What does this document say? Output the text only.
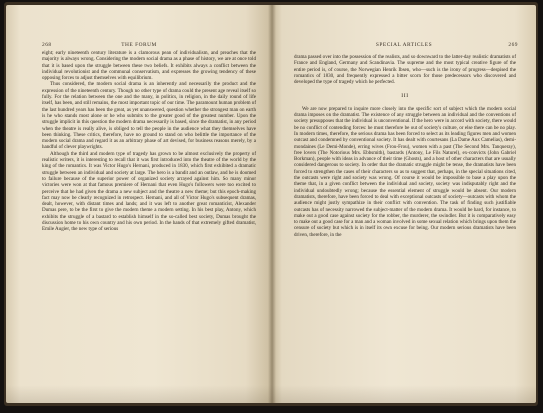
268	THE FORUM

eight; early nineteenth century literature is a clamorous pean of individualism, and preaches that the majority is always wrong. Considering the modern social drama as a phase of history, we are at once told that it is based upon the struggle between these two beliefs. It exhibits always a conflict between the individual revolutionist and the communal conservatism, and expresses the growing tendency of these opposing forces to adjust themselves with equilibrium.

Thus considered, the modern social drama is an inherently and necessarily the product and the expression of the nineteenth century. Though no other type of drama could the present age reveal itself so fully. For the relation between the one and the many, in politics, in religion, in the daily round of life itself, has been, and still remains, the most important topic of our time. The paramount human problem of the last hundred years has been the great, as yet unanswered, question whether the strongest man on earth is he who stands most alone or he who submits to the greater good of the greatest number. Upon the struggle implicit in this question the modern drama necessarily is based, since the dramatist, in any period when the theatre is really alive, is obliged to tell the people in the audience what they themselves have been thinking. These critics, therefore, have no ground to stand on who belittle the importance of the modern social drama and regard it as an arbitrary phase of art devised, for business reasons merely, by a handful of clever playwrights.

Although the third and modern type of tragedy has grown to be almost exclusively the property of realistic writers, it is interesting to recall that it was first introduced into the theatre of the world by the king of the romantics. It was Victor Hugo's Hernani, produced in 1830, which first exhibited a dramatic struggle between an individual and society at large. The hero is a bandit and an outlaw, and he is doomed to failure because of the superior power of organized society arrayed against him. So many minor victories were won at that famous premiere of Hernani that even Hugo's followers were too excited to perceive that he had given the drama a new subject and the theatre a new theme; but this epoch-making fact may now be clearly recognized in retrospect. Hernani, and all of Victor Hugo's subsequent dramas, dealt, however, with distant times and lands; and it was left to another great romanticist, Alexander Dumas pere, to be the first to give the modern theme a modern setting. In his best play, Antony, which exhibits the struggle of a bastard to establish himself in the so-called best society, Dumas brought the discussion home to his own country and his own period. In the hands of that extremely gifted dramatist, Emile Augier, the new type of serious

SPECIAL ARTICLES	269

drama passed over into the possession of the realists, and so downward to the latter-day realistic dramatists of France and England, Germany and Scandinavia. The supreme and the most typical creative figure of the entire period is, of course, the Norwegian Henrik Ibsen, who—such is the irony of progress—despised the romantics of 1830, and frequently expressed a bitter scorn for those predecessors who discovered and developed the type of tragedy which he perfected.

III

We are now prepared to inquire more closely into the specific sort of subject which the modern social drama imposes on the dramatist. The existence of any struggle between an individual and the conventions of society presupposes that the individual is unconventional. If the hero were in accord with society, there would be no conflict of contending forces: he must therefore be out of society's culture, or else there can be no play. In modern times, therefore, the serious drama has been forced to select as its leading figures men and women outcast and condemned by conventional society. It has dealt with courtesans (La Dame Aux Camelias), demi-mondaines (Le Demi-Monde), erring wives (Frou-Frou), women with a past (The Second Mrs. Tanqueray), free lovers (The Notorious Mrs. Ebbsmith), bastards (Antony, Le Fils Naturel), ex-convicts (John Gabriel Borkman), people with ideas in advance of their time (Ghosts), and a host of other characters that are usually considered dangerous to society. In order that the dramatic struggle might be tense, the dramatists have been forced to strengthen the cases of their characters so as to suggest that, perhaps, in the special situations cited, the outcasts were right and society was wrong. Of course it would be impossible to base a play upon the theme that, in a given conflict between the individual and society, society was indisputably right and the individual undoubtedly wrong; because the essential element of struggle would be absent. Our modern dramatists, therefore, have been forced to deal with exceptional outcasts of society—outcasts with whom the audience might justly sympathize in their conflict with convention. The task of finding such justifiable outcasts has of necessity narrowed the subject-matter of the modern drama. It would be hard, for instance, to make out a good case against society for the robber, the murderer, the swindler. But it is comparatively easy to make out a good case for a man and a woman involved in some sexual relation which brings upon them the censure of society but which is in itself its own excuse for being. Our modern serious dramatists have been driven, therefore, in the
